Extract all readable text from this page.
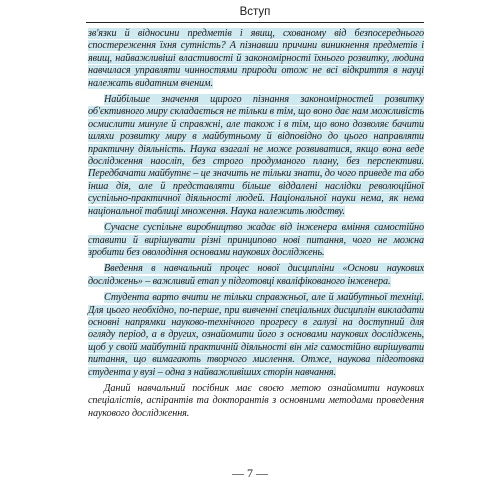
Вступ

зв'язки й відносини предметів і явищ, схованому від безпосереднього спостереження їхня сутність? А пізнавши причини виникнення предметів і явищ, найважливіші властивості й закономірності їхнього розвитку, людина навчилася управляти чинностями природи отож не всі відкриття в науці належать видатним вченим.

Найбільше значення щирого пізнання закономірностей розвитку об'єктивного миру складається не тільки в тім, що воно дає нам можливість осмислити минуле й справжні, але також і в тім, що воно дозволяє бачити шляхи розвитку миру в майбутньому й відповідно до цього направляти практичну діяльність. Наука взагалі не може розвиватися, якщо вона веде дослідження наосліп, без строго продуманого плану, без перспективи. Передбачати майбутнє – це значить не тільки знати, до чого приведе та або інша дія, але й представляти більше віддалені наслідки революційної суспільно-практичної діяльності людей. Національної науки нема, як нема національної таблиці множення. Наука належить людству.

Сучасне суспільне виробництво жадає від інженера вміння самостійно ставити й вирішувати різні принципово нові питання, чого не можна зробити без оволодіння основами наукових досліджень.

Введення в навчальний процес нової дисципліни «Основи наукових досліджень» – важливий етап у підготовці кваліфікованого інженера.

Студента варто вчити не тільки справжньої, але й майбутньої техніці. Для цього необхідно, по-перше, при вивченні спеціальних дисциплін викладати основні напрямки науково-технічного прогресу в галузі на доступний для огляду період, а в других, ознайомити його з основами наукових досліджень, щоб у своїй майбутній практичній діяльності він міг самостійно вирішувати питання, що вимагають творчого мислення. Отже, наукова підготовка студента у вузі – одна з найважливіших сторін навчання.

Даний навчальний посібник має своєю метою ознайомити наукових спеціалістів, аспірантів та докторантів з основними методами проведення наукового дослідження.

— 7 —
